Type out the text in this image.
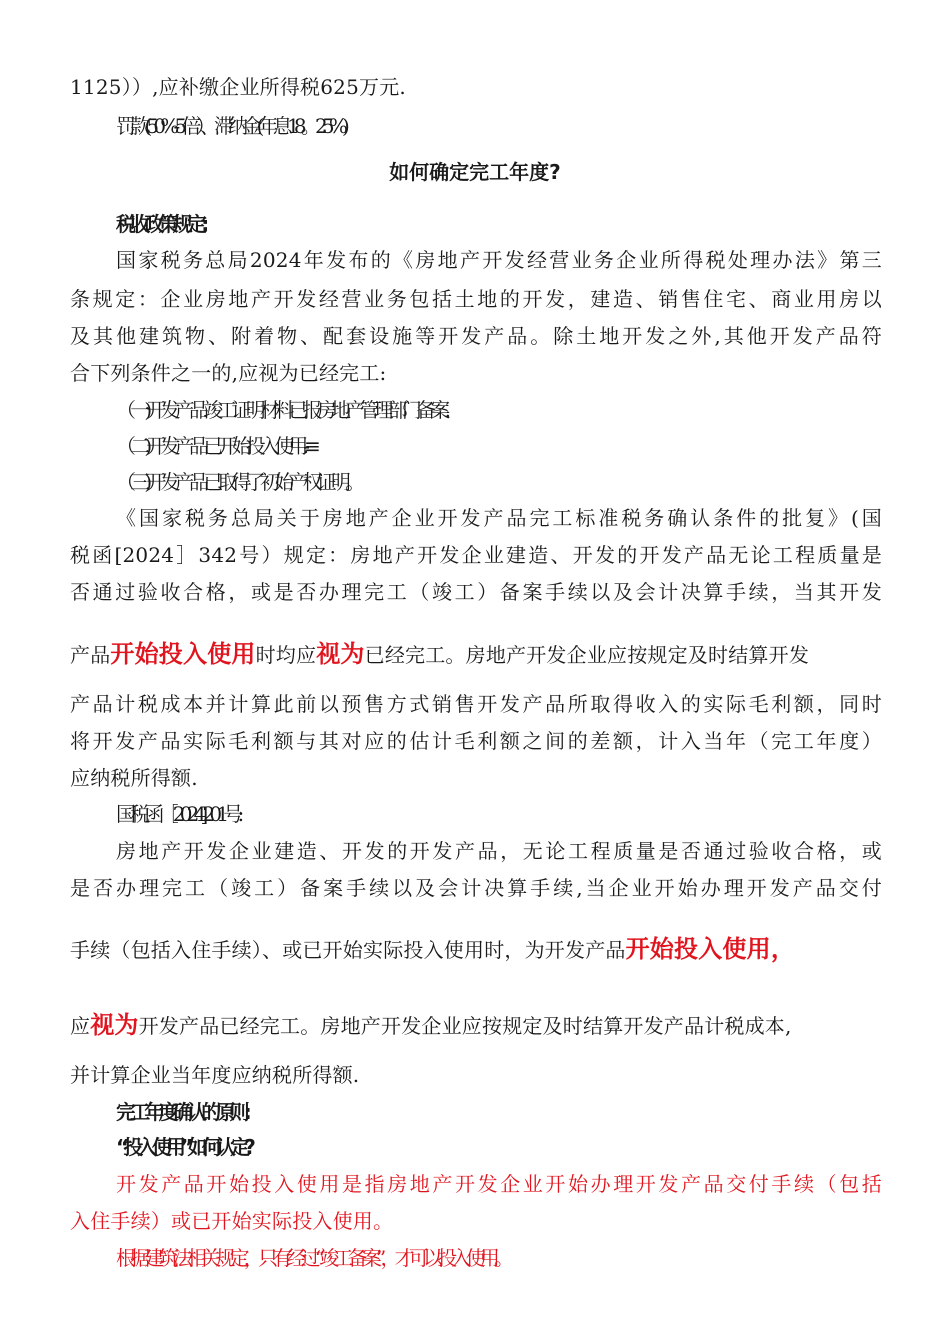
1125））,应补缴企业所得税625万元.
罚款(50%-5倍）、滞纳金(年息18。25%)
如何确定完工年度?
税收政策规定:
国家税务总局2024年发布的《房地产开发经营业务企业所得税处理办法》第三
条规定：企业房地产开发经营业务包括土地的开发，建造、销售住宅、商业用房以
及其他建筑物、附着物、配套设施等开发产品。除土地开发之外,其他开发产品符
合下列条件之一的,应视为已经完工:
（一)开发产品竣工证明材料已报房地产管理部门备案.
（二)开发产品已开始投入使用.-≡
（三)开发产品已取得了初始产权证明。
《国家税务总局关于房地产企业开发产品完工标准税务确认条件的批复》(国
税函[2024］342号）规定：房地产开发企业建造、开发的开发产品无论工程质量是
否通过验收合格，或是否办理完工（竣工）备案手续以及会计决算手续，当其开发
产品开始投入使用时均应视为已经完工。房地产开发企业应按规定及时结算开发
产品计税成本并计算此前以预售方式销售开发产品所取得收入的实际毛利额，同时
将开发产品实际毛利额与其对应的估计毛利额之间的差额，计入当年（完工年度）
应纳税所得额.
国税函［2024]201号:
房地产开发企业建造、开发的开发产品，无论工程质量是否通过验收合格，或
是否办理完工（竣工）备案手续以及会计决算手续,当企业开始办理开发产品交付
手续（包括入住手续）、或已开始实际投入使用时，为开发产品开始投入使用，
应视为开发产品已经完工。房地产开发企业应按规定及时结算开发产品计税成本,
并计算企业当年度应纳税所得额.
完工年度确认的原则:
“投入使用”如何认定?
开发产品开始投入使用是指房地产开发企业开始办理开发产品交付手续（包括
入住手续）或已开始实际投入使用。
根据建筑法相关规定，只有经过“竣工备案”，才可以投入使用。
